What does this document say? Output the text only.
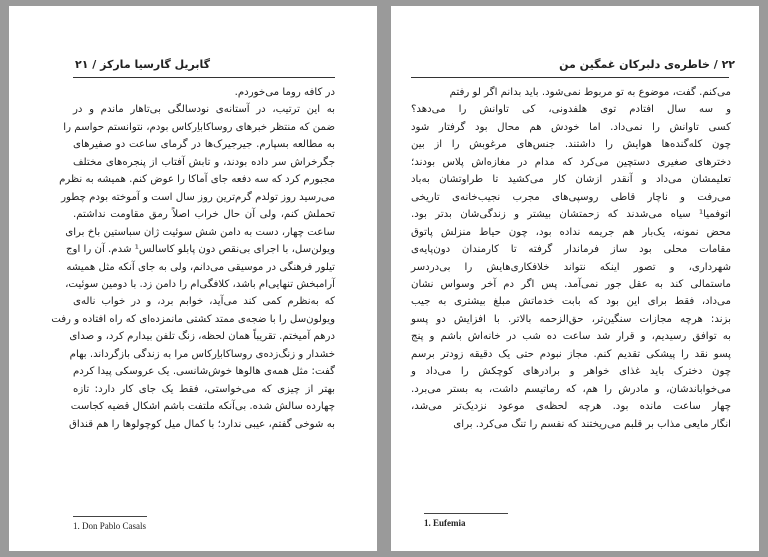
گابریل گارسیا مارکز / ۲۱
در کافه روما می‌خوردم.
به این ترتیب، در آستانه‌ی نودسالگی بی‌تاهار ماندم و در
ضمن که منتظر خبرهای روسا‌کاباِرکاس بودم، نتوانستم حواسم را
به مطالعه بسپارم. جیرجیرک‌ها در گرمای ساعت دو صفیرهای
جگرخراش سر داده بودند، و تابش آفتاب از پنجره‌های مختلف
مجبورم کرد که سه دفعه جای آماکا را عوض کنم. همیشه به نظرم
می‌رسید روز تولدم گرم‌ترین روز سال است و آموخته بودم چطور
تحملش کنم، ولی آن حال خراب اصلاً رمق مقاومت نداشتم.
ساعت چهار، دست به دامن شش سوئیت ژان سباستین باخ برای
ویولن‌سل، با اجرای بی‌نقص دون پابلو کاسالس¹ شدم. آن را اوج
تیلور فرهنگی در موسیقی می‌دانم، ولی به جای آنکه مثل همیشه
آرامبخش تنهایی‌ام باشد، کلافگی‌ام را دامن زد. با دومین سوئیت،
که به‌نظرم کمی کند می‌آید، خوابم برد، و در خواب ناله‌ی
ویولون‌سل را با ضجه‌ی ممتد کشتی مانمزده‌ای که راه افتاده و رفت
درهم آمیختم. تقریباً همان لحظه، زنگ تلفن بیدارم کرد، و صدای
خشدار و زنگ‌زده‌ی روسا‌کاباِرکاس مرا به زندگی بازگرداند. بهام
گفت: مثل همه‌ی هالوها خوش‌شانسی. یک عروسکی پیدا کردم
بهتر از چیزی که می‌خواستی، فقط یک جای کار دارد: تازه
چهارده سالش شده. بی‌آنکه ملتفت باشم اشکال قضیه کجاست
به شوخی گفتم، عیبی ندارد؛ با کمال میل کوچولوها را هم قنداق
1. Don Pablo Casals
۲۲ / خاطره‌ی دلبرکان غمگین من
می‌کنم. گفت، موضوع به تو مربوط نمی‌شود. باید بدانم اگر لو رفتم
و سه سال افتادم توی هلفدونی، کی تاوانش را می‌دهد؟
کسی تاوانش را نمی‌داد. اما خودش هم محال بود گرفتار شود
چون کله‌گنده‌ها هوایش را داشتند. جنس‌های مرغوبش را از بین
دخترهای صغیری دستچین می‌کرد که مدام در مغازه‌اش پلاس بودند؛
تعلیمشان می‌داد و آنقدر ازشان کار می‌کشید تا طراوتشان به‌باد
می‌رفت و ناچار قاطی روسپی‌های مجرب نجیب‌خانه‌ی تاریخی
اتوفمیا¹ سیاه می‌شدند که زحمتشان بیشتر و زندگی‌شان بدتر بود.
محض نمونه، یک‌بار هم جریمه نداده بود، چون حیاط منزلش پاتوق
مقامات محلی بود ساز فرماندار گرفته تا کارمندان دون‌پایه‌ی
شهرداری، و تصور اینکه نتواند خلافکاری‌هایش را بی‌دردسر
ماستمالی کند به عقل جور نمی‌آمد. پس اگر دم آخر وسواس نشان
می‌داد، فقط برای این بود که بابت خدماتش مبلغ بیشتری به جیب
بزند: هرچه مجازات سنگین‌تر، حق‌الزحمه بالاتر. با افزایش دو پسو
به توافق رسیدیم، و قرار شد ساعت ده شب در خانه‌اش باشم و پنج
پسو نقد را پیشکی تقدیم کنم. مجاز نبودم حتی یک دقیقه زودتر برسم
چون دخترک باید غذای خواهر و برادرهای کوچکش را می‌داد و
می‌خواباندشان، و مادرش را هم، که رماتیسم داشت، به بستر می‌برد.
چهار ساعت مانده بود. هرچه لحظه‌ی موعود نزدیک‌تر می‌شد،
انگار مایعی مذاب بر قلبم می‌ریختند که نفسم را تنگ می‌کرد. برای
1. Eufemia
